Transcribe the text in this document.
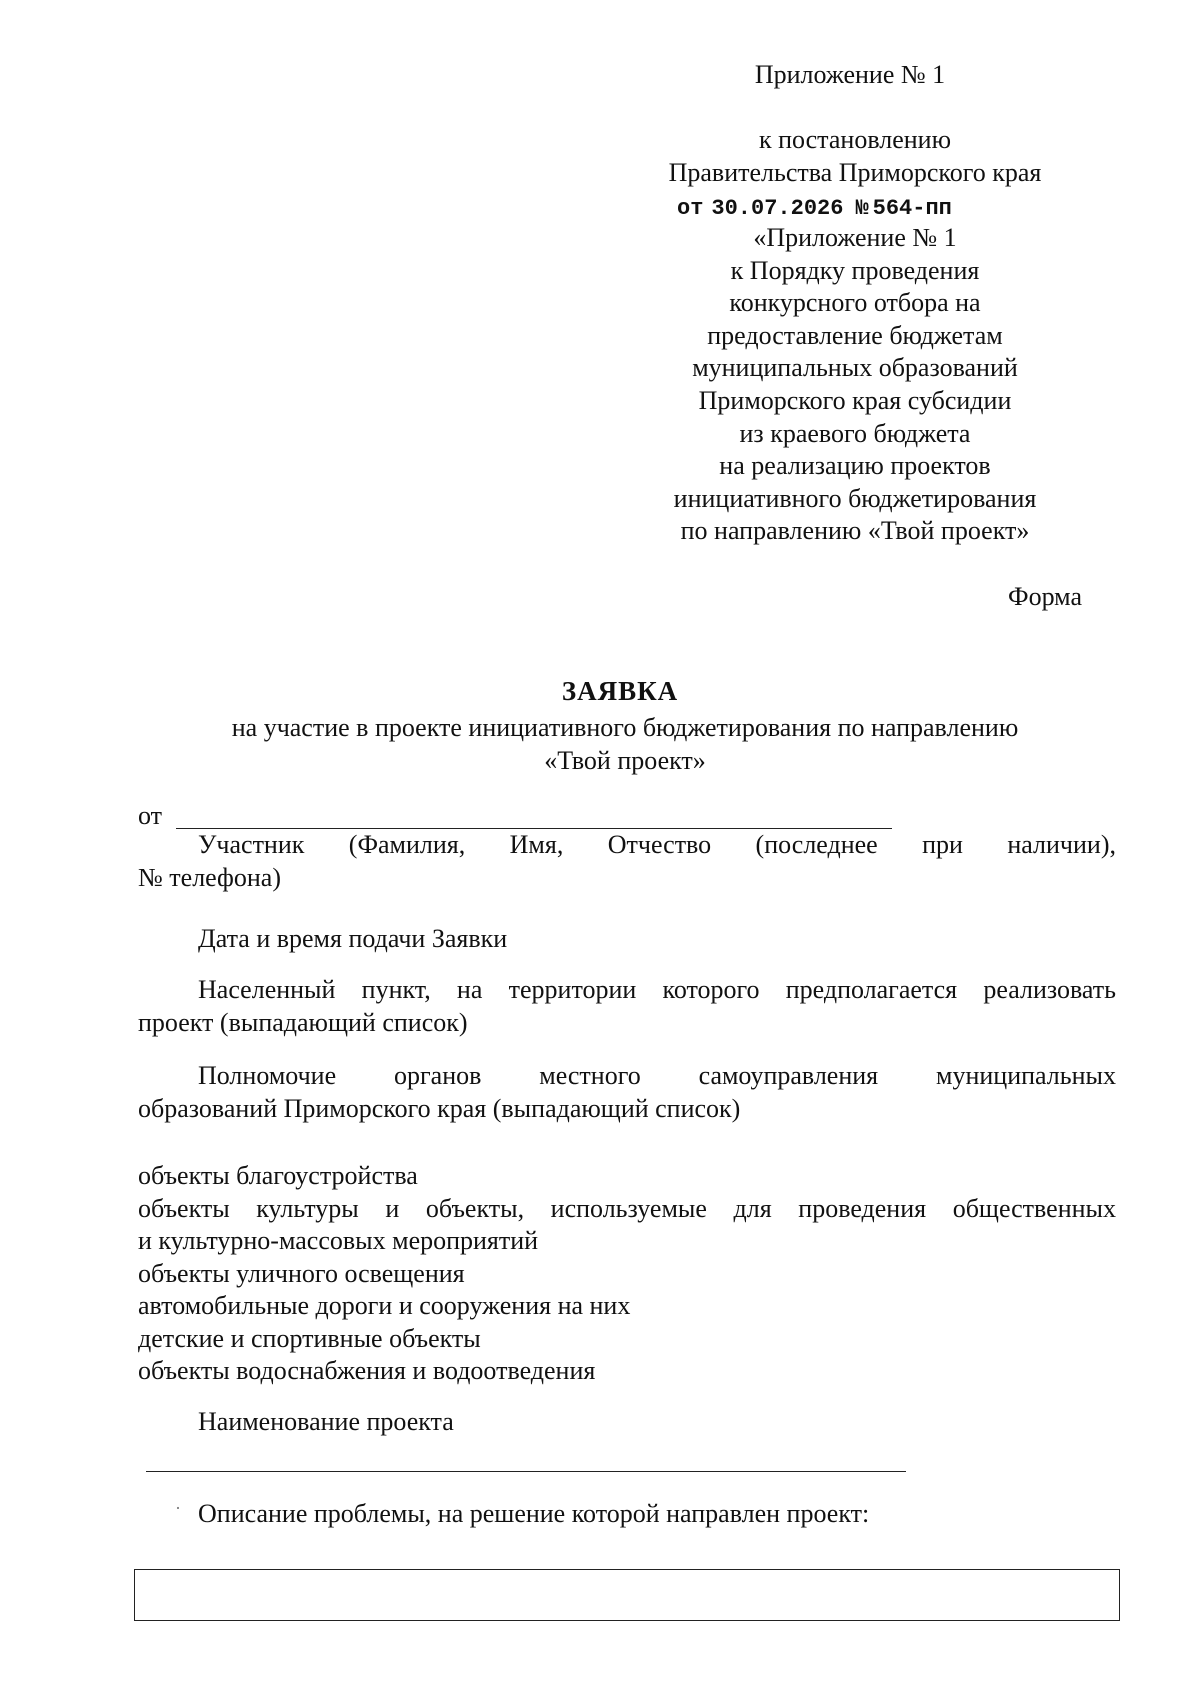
Приложение № 1
к постановлению
Правительства Приморского края
от 30.07.2026 № 564-пп
«Приложение № 1
к Порядку проведения
конкурсного отбора на
предоставление бюджетам
муниципальных образований
Приморского края субсидии
из краевого бюджета
на реализацию проектов
инициативного бюджетирования
по направлению «Твой проект»
Форма
ЗАЯВКА
на участие в проекте инициативного бюджетирования по направлению
«Твой проект»
от
Участник (Фамилия, Имя, Отчество (последнее при наличии),
№ телефона)
Дата и время подачи Заявки
Населенный пункт, на территории которого предполагается реализовать
проект (выпадающий список)
Полномочие органов местного самоуправления муниципальных
образований Приморского края (выпадающий список)
объекты благоустройства
объекты культуры и объекты, используемые для проведения общественных
и культурно-массовых мероприятий
объекты уличного освещения
автомобильные дороги и сооружения на них
детские и спортивные объекты
объекты водоснабжения и водоотведения
Наименование проекта
· Описание проблемы, на решение которой направлен проект:
